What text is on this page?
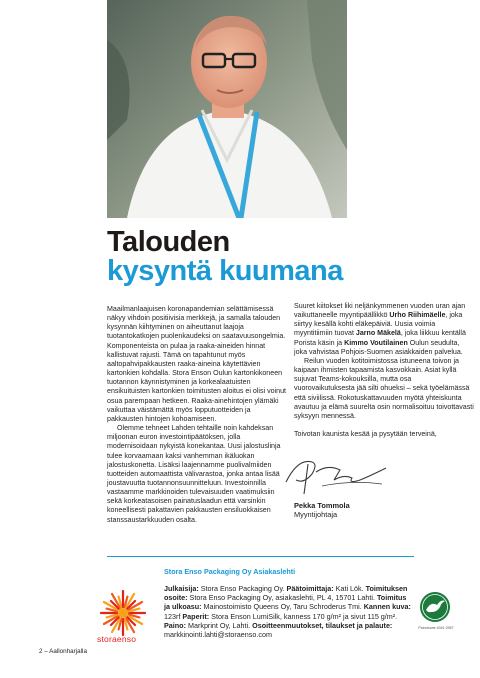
Talouden
kysyntä kuumana

Maailmanlaajuisen koronapandemian selättämisessä näkyy vihdoin positiivisia merkkejä, ja samalla talouden kysynnän kiihtyminen on aiheuttanut laajoja tuotantokatkojen puolenkaudeksi on saatavuusongelmia. Komponenteista on pulaa ja raaka-aineiden hinnat kallistuvat rajusti. Tämä on tapahtunut myös aaltopahvipakkausten raaka-aineina käytettävien kartonkien kohdalla. Stora Enson Oulun kartonkikoneen tuotannon käynnistyminen ja korkealaatuisten ensikuituisten kartonkien toimitusten aloitus ei olisi voinut osua parempaan hetkeen. Raaka-ainehintojen ylämäki vaikuttaa väistämättä myös lopputuotteiden ja pakkausten hintojen kohoamiseen.

Olemme tehneet Lahden tehtaille noin kahdeksan miljoonan euron investointipäätöksen, jolla modernisoidaan nykyistä konekantaa. Uusi jalostuslinja tulee korvaamaan kaksi vanhemman ikäluokan jalostuskonetta. Lisäksi laajennamme puolivalmiiden tuotteiden automaattista välivarastoa, jonka antaa lisää joustavuutta tuotannonsuunnitteluun. Investoinnilla vastaamme markkinoiden tulevaisuuden vaatimuksiin sekä korkeatasoisen painatuslaadun että varsinkin koneellisesti pakattavien pakkausten ensiluokkaisen stanssaustarkkuuden osalta.

Suuret kiitokset liki neljänkymmenen vuoden uran ajan vaikuttaneelle myyntipäällikkö Urho Riihimäelle, joka siirtyy kesällä kohti eläkepäiviä. Uusia voimia myyntitiimiin tuovat Jarno Mäkelä, joka liikkuu kentällä Porista käsin ja Kimmo Voutilainen Oulun seudulta, joka vahvistaa Pohjois-Suomen asiakkaiden palvelua.

Reilun vuoden kotitoimistossa istuneena toivon ja kaipaan ihmisten tapaamista kasvokkain. Asiat kyllä sujuvat Teams-kokouksilla, mutta osa vuorovaikutuksesta jää silti ohueksi – sekä työelämässä että siviilissä. Rokotuskattavuuden myötä yhteiskunta avautuu ja elämä suurelta osin normalisoituu toivottavasti syksyyn mennessä.

Toivotan kaunista kesää ja pysytään terveinä,

Pekka Tommola
Myyntijohtaja
Stora Enso Packaging Oy Asiakaslehti
Julkaisija: Stora Enso Packaging Oy. Päätoimittaja: Kati Lök. Toimituksen osoite: Stora Enso Packaging Oy, asiakaslehti, PL 4, 15701 Lahti. Toimitus ja ulkoasu: Mainostoimisto Queens Oy, Taru Schroderus Tmi. Kannen kuva: 123rf Paperit: Stora Enson LumiSilk, kanness 170 g/m² ja sivut 115 g/m². Paino: Markprint Oy, Lahti. Osoitteenmuutokset, tilaukset ja palaute: markkinointi.lahti@storaenso.com
storaenso
Painotuote 4041 0957
2 – Aallonharjalla
